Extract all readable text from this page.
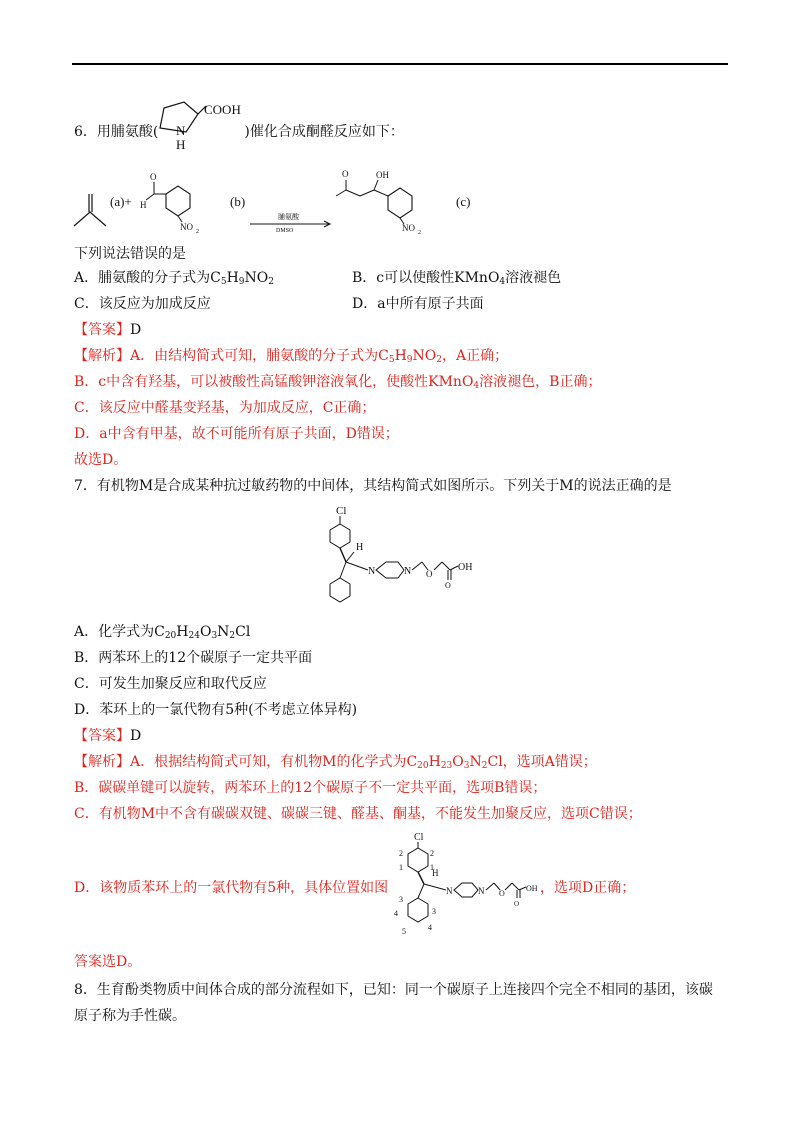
6．用脯氨酸(	)催化合成酮醛反应如下：
COOH
N
H
(a)+
O
H
NO 2
(b)
脯氨酸
DMSO
O	OH
NO 2
(c)
下列说法错误的是
A．脯氨酸的分子式为$C_5H_9NO_2$	B．c可以使酸性KMnO$_4$溶液褪色
C．该反应为加成反应	D．a中所有原子共面
【答案】D
【解析】A．由结构简式可知，脯氨酸的分子式为$C_5H_9NO_2$，A正确；
B．c中含有羟基，可以被酸性高锰酸钾溶液氧化，使酸性KMnO$_4$溶液褪色，B正确；
C．该反应中醛基变羟基，为加成反应，C正确；
D．a中含有甲基，故不可能所有原子共面，D错误；
故选D。
7．有机物M是合成某种抗过敏药物的中间体，其结构简式如图所示。下列关于M的说法正确的是
Cl
H
N	N O
O
OH
A．化学式为$C_{20}H_{24}O_3N_2Cl$
B．两苯环上的12个碳原子一定共平面
C．可发生加聚反应和取代反应
D．苯环上的一氯代物有5种(不考虑立体异构)
【答案】D
【解析】A．根据结构简式可知，有机物M的化学式为$C_{20}H_{23}O_3N_2Cl$，选项A错误；
B．碳碳单键可以旋转，两苯环上的12个碳原子不一定共平面，选项B错误；
C．有机物M中不含有碳碳双键、碳碳三键、醛基、酮基，不能发生加聚反应，选项C错误；
D．该物质苯环上的一氯代物有5种，具体位置如图
Cl
2
1
2
1
H
3
4
5	4
3
N	N O
O
OH ，选项D正确；
答案选D。
8．生育酚类物质中间体合成的部分流程如下，已知：同一个碳原子上连接四个完全不相同的基团，该碳
原子称为手性碳。
